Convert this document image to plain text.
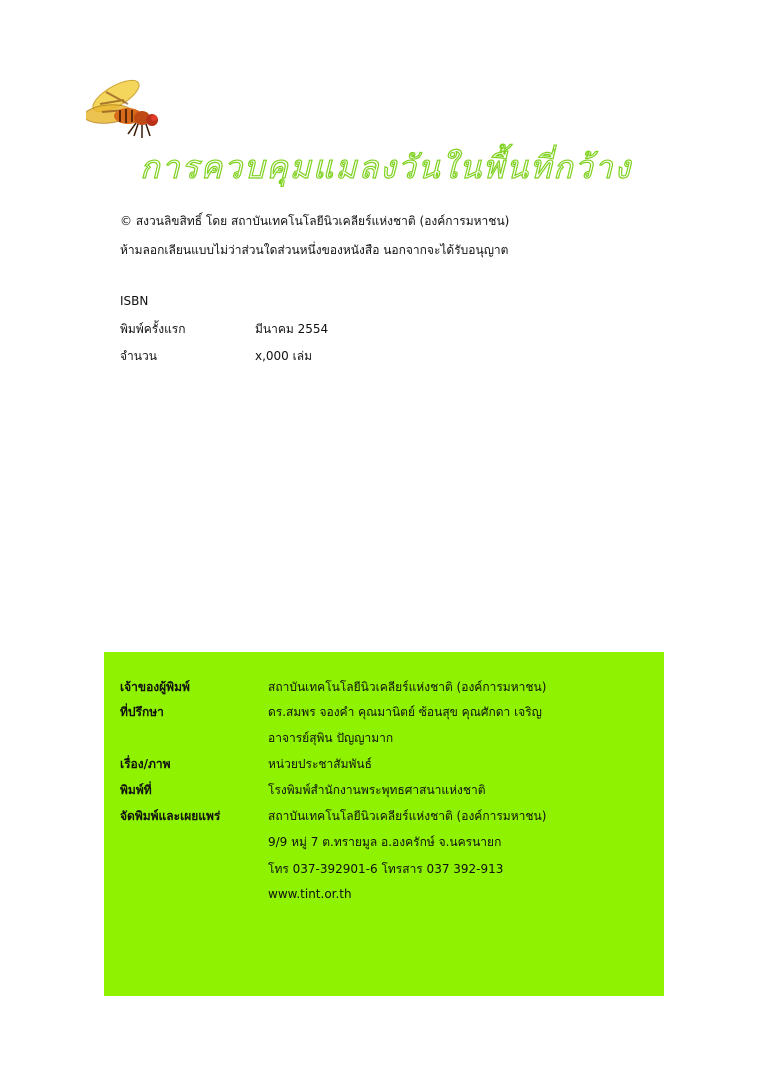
การควบคุมแมลงวันในพื้นที่กว้าง
© สงวนลิขสิทธิ์ โดย สถาบันเทคโนโลยีนิวเคลียร์แห่งชาติ (องค์การมหาชน)
ห้ามลอกเลียนแบบไม่ว่าส่วนใดส่วนหนึ่งของหนังสือ นอกจากจะได้รับอนุญาต
ISBN
พิมพ์ครั้งแรก	มีนาคม 2554
จำนวน	x,000 เล่ม
เจ้าของผู้พิมพ์	สถาบันเทคโนโลยีนิวเคลียร์แห่งชาติ (องค์การมหาชน)
ที่ปรึกษา	ดร.สมพร จองคำ คุณมานิตย์ ซ้อนสุข คุณศักดา เจริญ
อาจารย์สุพิน ปัญญามาก
เรื่อง/ภาพ	หน่วยประชาสัมพันธ์
พิมพ์ที่	โรงพิมพ์สำนักงานพระพุทธศาสนาแห่งชาติ
จัดพิมพ์และเผยแพร่	สถาบันเทคโนโลยีนิวเคลียร์แห่งชาติ (องค์การมหาชน)
9/9 หมู่ 7 ต.ทรายมูล อ.องครักษ์ จ.นครนายก
โทร 037-392901-6 โทรสาร 037 392-913
www.tint.or.th
